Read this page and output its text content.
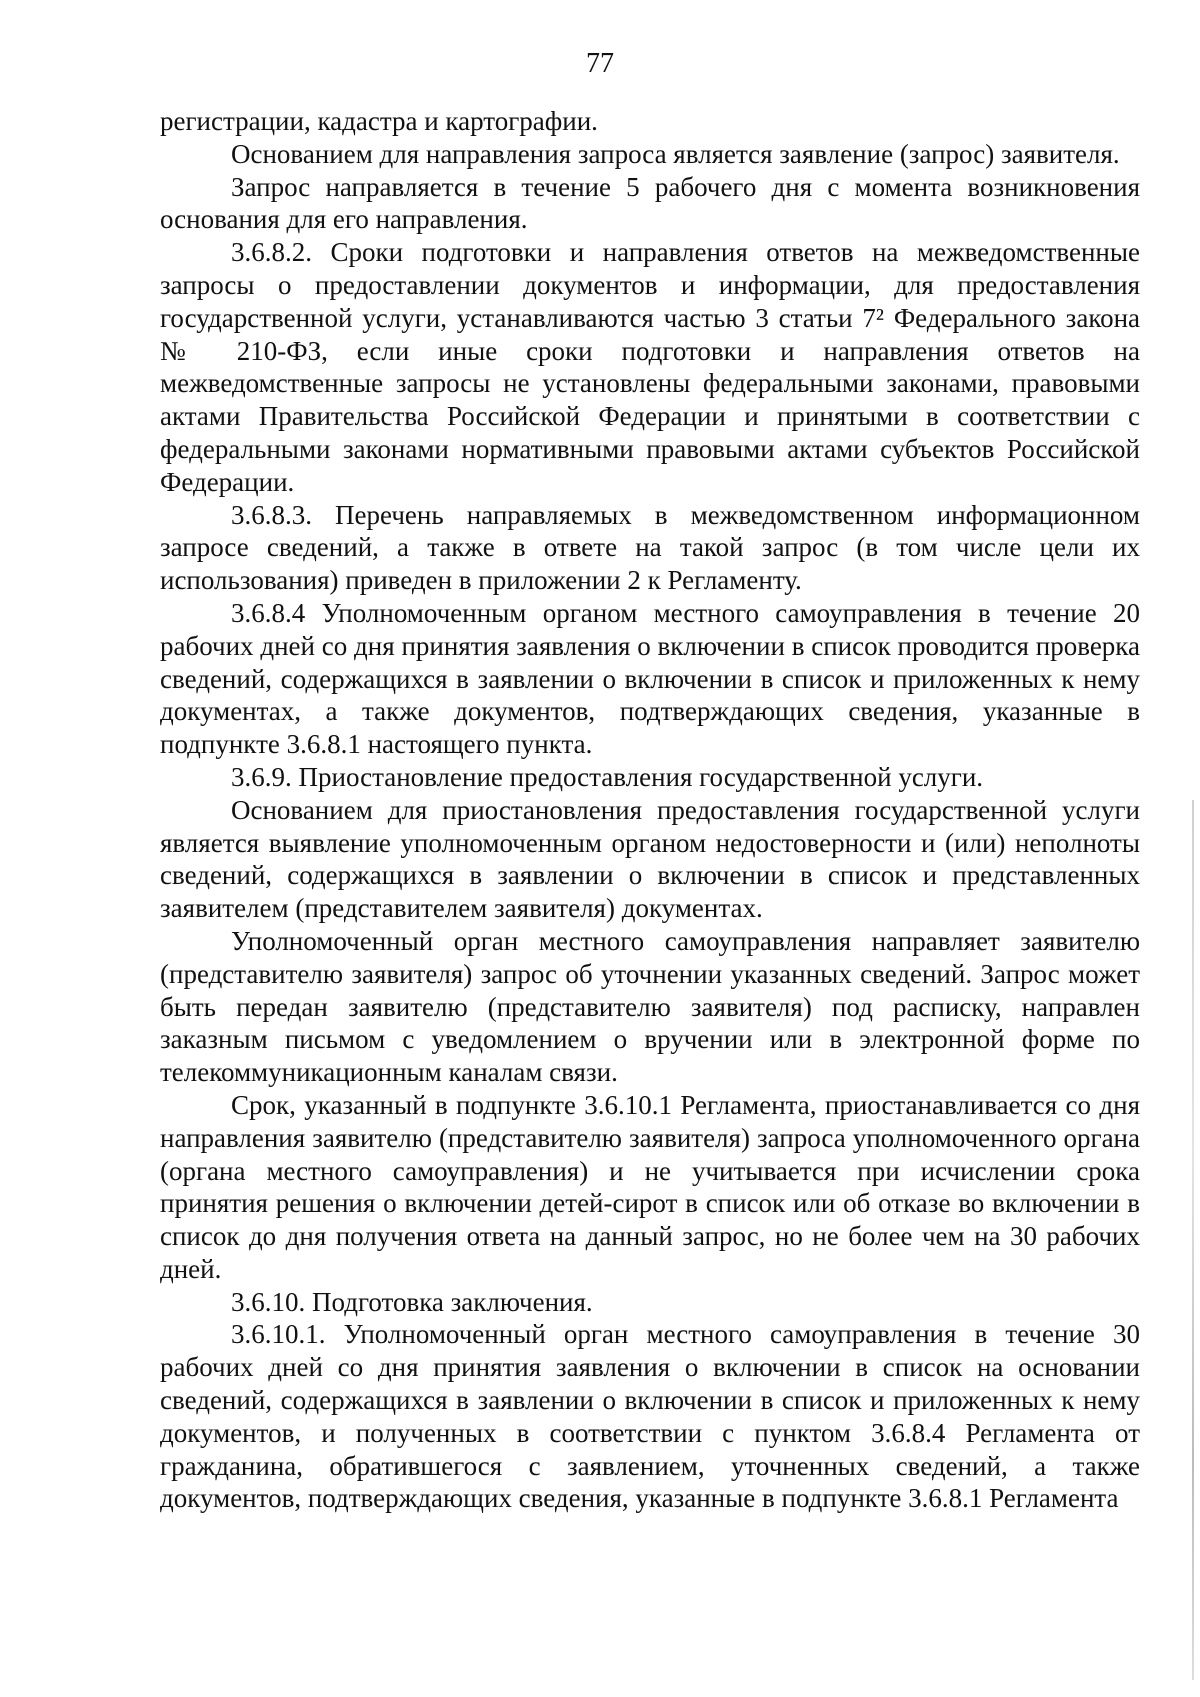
77

регистрации, кадастра и картографии.

Основанием для направления запроса является заявление (запрос) заявителя.

Запрос направляется в течение 5 рабочего дня с момента возникновения основания для его направления.

3.6.8.2. Сроки подготовки и направления ответов на межведомственные запросы о предоставлении документов и информации, для предоставления государственной услуги, устанавливаются частью 3 статьи 7² Федерального закона № 210-ФЗ, если иные сроки подготовки и направления ответов на межведомственные запросы не установлены федеральными законами, правовыми актами Правительства Российской Федерации и принятыми в соответствии с федеральными законами нормативными правовыми актами субъектов Российской Федерации.

3.6.8.3. Перечень направляемых в межведомственном информационном запросе сведений, а также в ответе на такой запрос (в том числе цели их использования) приведен в приложении 2 к Регламенту.

3.6.8.4 Уполномоченным органом местного самоуправления в течение 20 рабочих дней со дня принятия заявления о включении в список проводится проверка сведений, содержащихся в заявлении о включении в список и приложенных к нему документах, а также документов, подтверждающих сведения, указанные в подпункте 3.6.8.1 настоящего пункта.

3.6.9. Приостановление предоставления государственной услуги.

Основанием для приостановления предоставления государственной услуги является выявление уполномоченным органом недостоверности и (или) неполноты сведений, содержащихся в заявлении о включении в список и представленных заявителем (представителем заявителя) документах.

Уполномоченный орган местного самоуправления направляет заявителю (представителю заявителя) запрос об уточнении указанных сведений. Запрос может быть передан заявителю (представителю заявителя) под расписку, направлен заказным письмом с уведомлением о вручении или в электронной форме по телекоммуникационным каналам связи.

Срок, указанный в подпункте 3.6.10.1 Регламента, приостанавливается со дня направления заявителю (представителю заявителя) запроса уполномоченного органа (органа местного самоуправления) и не учитывается при исчислении срока принятия решения о включении детей-сирот в список или об отказе во включении в список до дня получения ответа на данный запрос, но не более чем на 30 рабочих дней.

3.6.10. Подготовка заключения.

3.6.10.1. Уполномоченный орган местного самоуправления в течение 30 рабочих дней со дня принятия заявления о включении в список на основании сведений, содержащихся в заявлении о включении в список и приложенных к нему документов, и полученных в соответствии с пунктом 3.6.8.4 Регламента от гражданина, обратившегося с заявлением, уточненных сведений, а также документов, подтверждающих сведения, указанные в подпункте 3.6.8.1 Регламента
